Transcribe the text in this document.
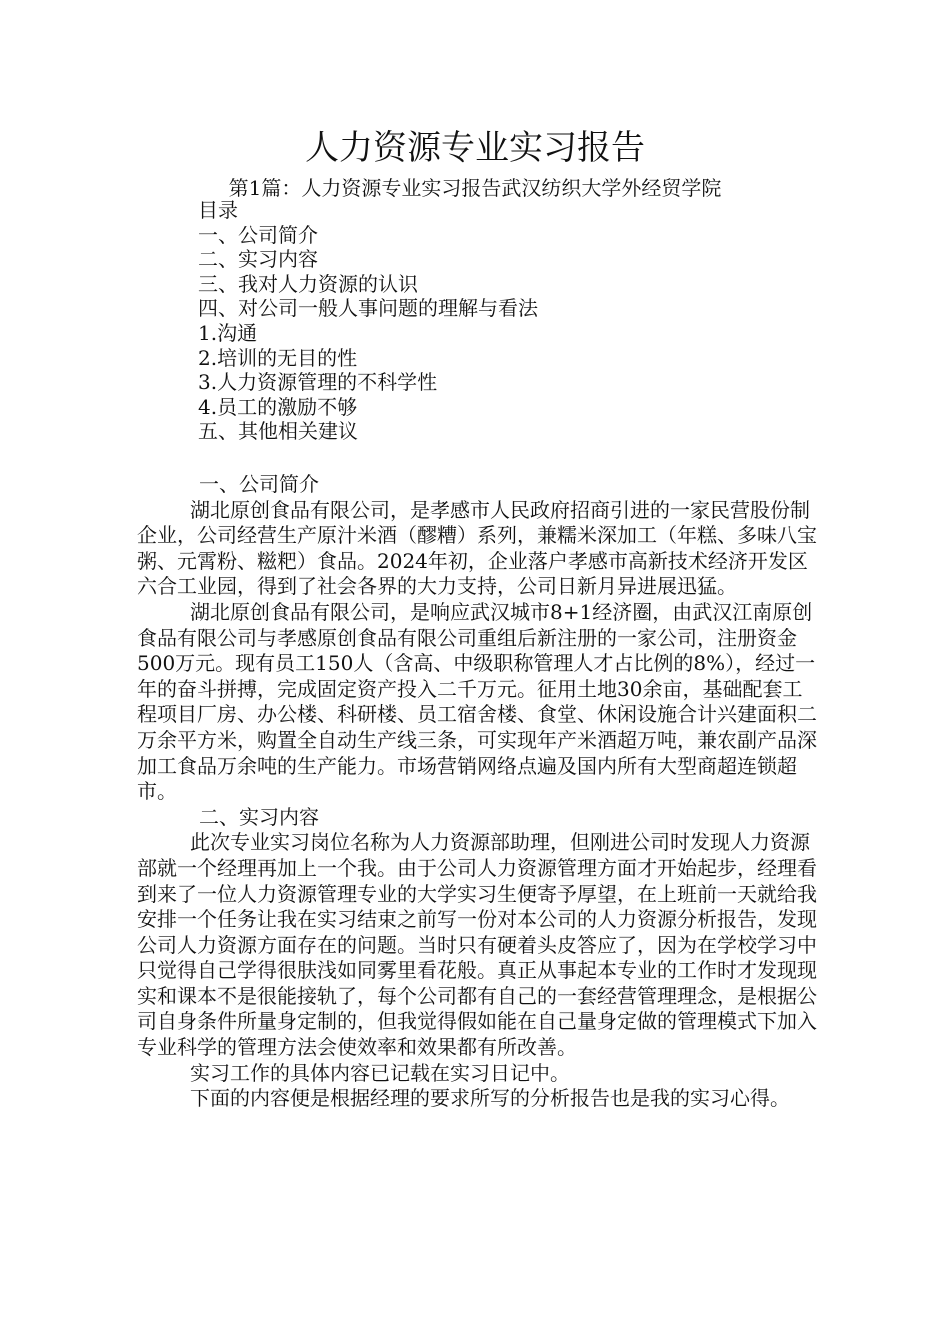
人力资源专业实习报告
第1篇：人力资源专业实习报告武汉纺织大学外经贸学院
目录
一、公司简介
二、实习内容
三、我对人力资源的认识
四、对公司一般人事问题的理解与看法
1.沟通
2.培训的无目的性
3.人力资源管理的不科学性
4.员工的激励不够
五、其他相关建议

一、公司简介

湖北原创食品有限公司，是孝感市人民政府招商引进的一家民营股份制企业，公司经营生产原汁米酒（醪糟）系列，兼糯米深加工（年糕、多味八宝粥、元霄粉、糍粑）食品。2024年初，企业落户孝感市高新技术经济开发区六合工业园，得到了社会各界的大力支持，公司日新月异进展迅猛。

湖北原创食品有限公司，是响应武汉城市8+1经济圈，由武汉江南原创食品有限公司与孝感原创食品有限公司重组后新注册的一家公司，注册资金500万元。现有员工150人（含高、中级职称管理人才占比例的8%），经过一年的奋斗拼搏，完成固定资产投入二千万元。征用土地30余亩，基础配套工程项目厂房、办公楼、科研楼、员工宿舍楼、食堂、休闲设施合计兴建面积二万余平方米，购置全自动生产线三条，可实现年产米酒超万吨，兼农副产品深加工食品万余吨的生产能力。市场营销网络点遍及国内所有大型商超连锁超市。

二、实习内容

此次专业实习岗位名称为人力资源部助理，但刚进公司时发现人力资源部就一个经理再加上一个我。由于公司人力资源管理方面才开始起步，经理看到来了一位人力资源管理专业的大学实习生便寄予厚望，在上班前一天就给我安排一个任务让我在实习结束之前写一份对本公司的人力资源分析报告，发现公司人力资源方面存在的问题。当时只有硬着头皮答应了，因为在学校学习中只觉得自己学得很肤浅如同雾里看花般。真正从事起本专业的工作时才发现现实和课本不是很能接轨了，每个公司都有自己的一套经营管理理念，是根据公司自身条件所量身定制的，但我觉得假如能在自己量身定做的管理模式下加入专业科学的管理方法会使效率和效果都有所改善。

实习工作的具体内容已记载在实习日记中。

下面的内容便是根据经理的要求所写的分析报告也是我的实习心得。
